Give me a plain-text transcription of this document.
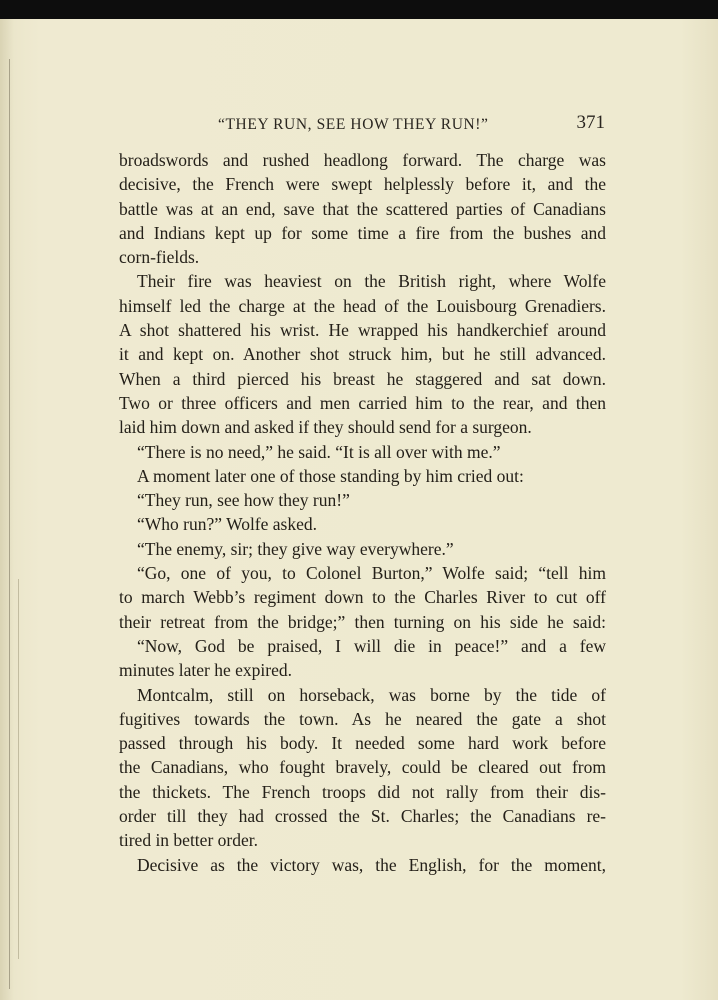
“THEY RUN, SEE HOW THEY RUN!”	371
broadswords and rushed headlong forward. The charge was
decisive, the French were swept helplessly before it, and the
battle was at an end, save that the scattered parties of Canadians
and Indians kept up for some time a fire from the bushes and
corn-fields.
Their fire was heaviest on the British right, where Wolfe
himself led the charge at the head of the Louisbourg Grenadiers.
A shot shattered his wrist. He wrapped his handkerchief around
it and kept on. Another shot struck him, but he still advanced.
When a third pierced his breast he staggered and sat down.
Two or three officers and men carried him to the rear, and then
laid him down and asked if they should send for a surgeon.
“There is no need,” he said. “It is all over with me.”
A moment later one of those standing by him cried out:
“They run, see how they run!”
“Who run?” Wolfe asked.
“The enemy, sir; they give way everywhere.”
“Go, one of you, to Colonel Burton,” Wolfe said; “tell him
to march Webb’s regiment down to the Charles River to cut off
their retreat from the bridge;” then turning on his side he said:
“Now, God be praised, I will die in peace!” and a few
minutes later he expired.
Montcalm, still on horseback, was borne by the tide of
fugitives towards the town. As he neared the gate a shot
passed through his body. It needed some hard work before
the Canadians, who fought bravely, could be cleared out from
the thickets. The French troops did not rally from their dis-
order till they had crossed the St. Charles; the Canadians re-
tired in better order.
Decisive as the victory was, the English, for the moment,
